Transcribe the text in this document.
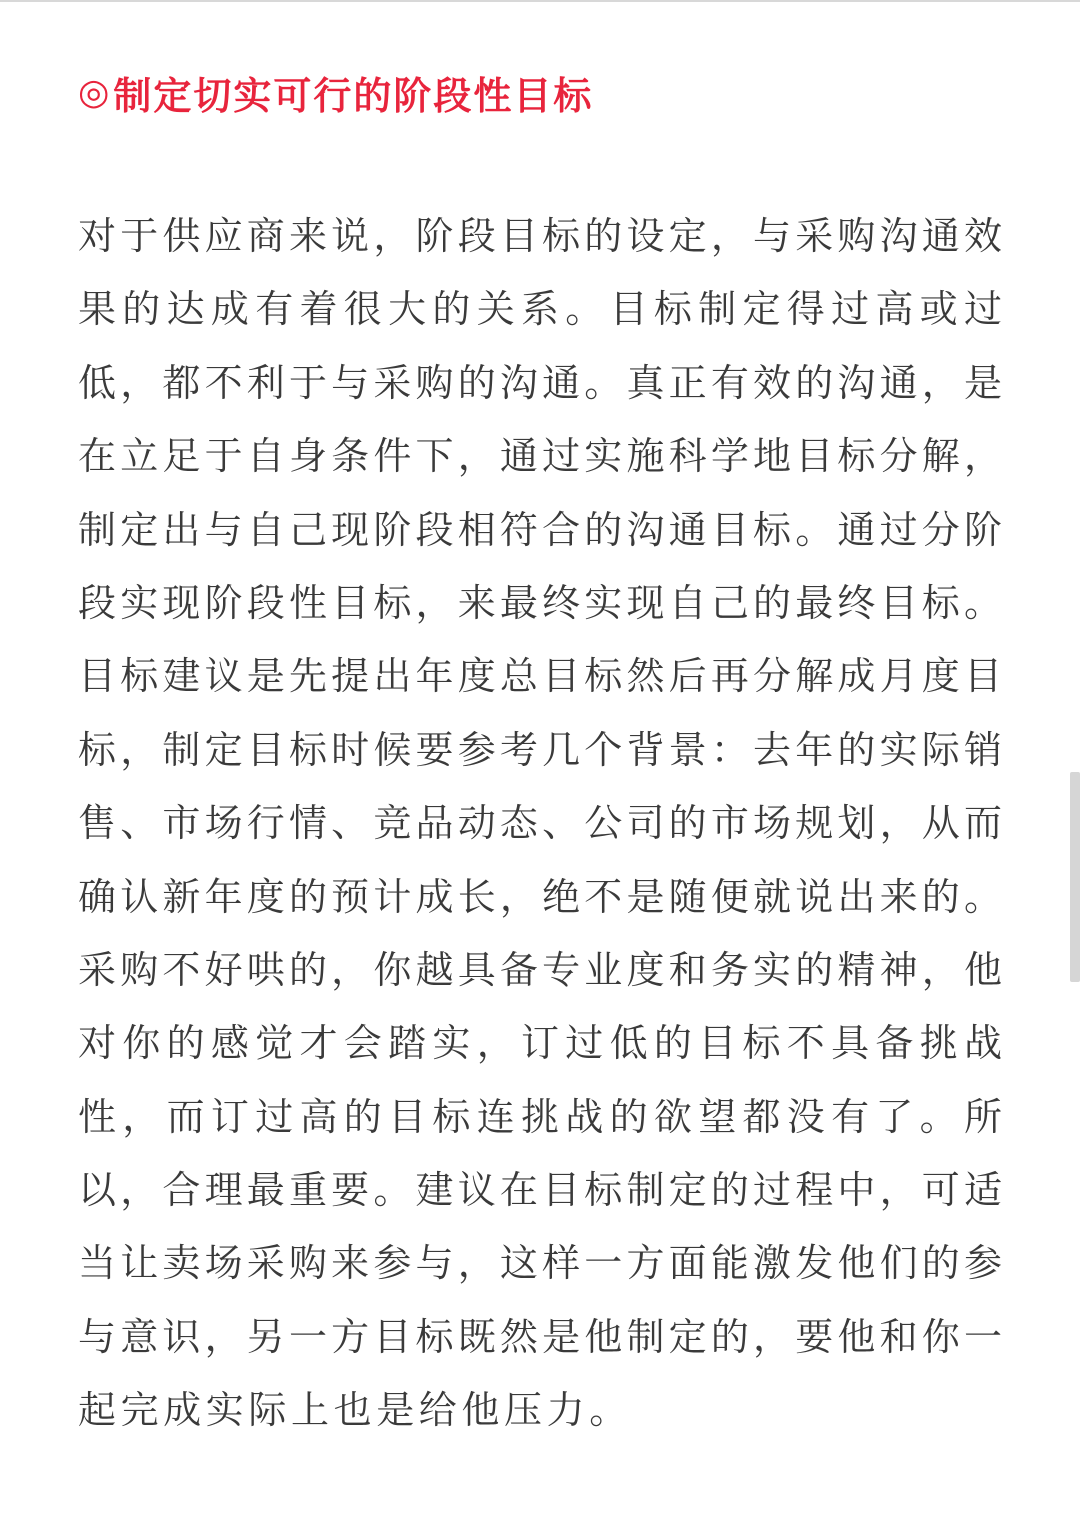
◎ 制定切实可行的阶段性目标
对于供应商来说，阶段目标的设定，与采购沟通效
果的达成有着很大的关系。目标制定得过高或过
低，都不利于与采购的沟通。真正有效的沟通，是
在立足于自身条件下，通过实施科学地目标分解，
制定出与自己现阶段相符合的沟通目标。通过分阶
段实现阶段性目标，来最终实现自己的最终目标。
目标建议是先提出年度总目标然后再分解成月度目
标，制定目标时候要参考几个背景：去年的实际销
售、市场行情、竞品动态、公司的市场规划，从而
确认新年度的预计成长，绝不是随便就说出来的。
采购不好哄的，你越具备专业度和务实的精神，他
对你的感觉才会踏实，订过低的目标不具备挑战
性，而订过高的目标连挑战的欲望都没有了。所
以，合理最重要。建议在目标制定的过程中，可适
当让卖场采购来参与，这样一方面能激发他们的参
与意识，另一方目标既然是他制定的，要他和你一
起完成实际上也是给他压力。
